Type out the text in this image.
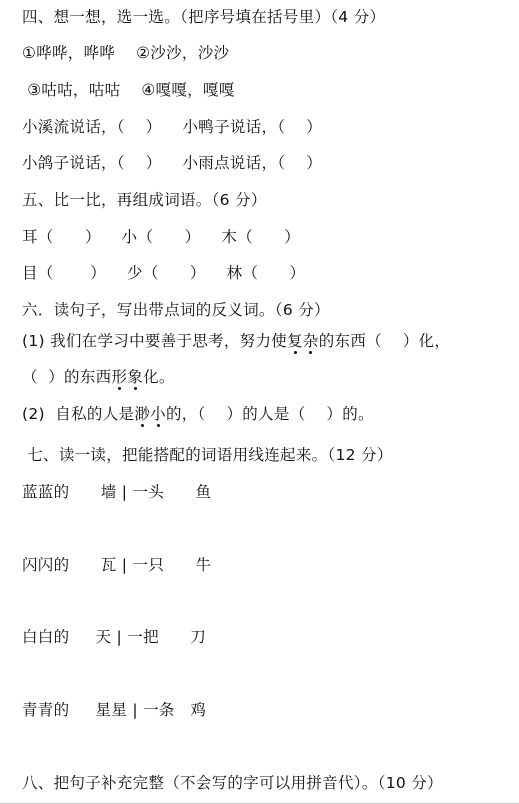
四、想一想，选一选。（把序号填在括号里）（4 分）
①哗哗，哗哗    ②沙沙，沙沙
③咕咕，咕咕    ④嘎嘎，嘎嘎
小溪流说话，（    ）    小鸭子说话，（    ）
小鸽子说话，（    ）    小雨点说话，（    ）
五、比一比，再组成词语。（6 分）
耳（      ）    小（      ）    木（      ）
目（       ）    少（      ）    林（      ）
六．读句子，写出带点词的反义词。（6 分）
(1) 我们在学习中要善于思考，努力使复杂的东西（    ）化，
（  ）的东西形象化。
(2)  自私的人是渺小的，（    ）的人是（    ）的。
七、读一读，把能搭配的词语用线连起来。（12 分）
蓝蓝的      墙 | 一头      鱼
闪闪的      瓦 | 一只      牛
白白的     天 | 一把      刀
青青的     星星 | 一条   鸡
八、把句子补充完整（不会写的字可以用拼音代）。（10 分）
